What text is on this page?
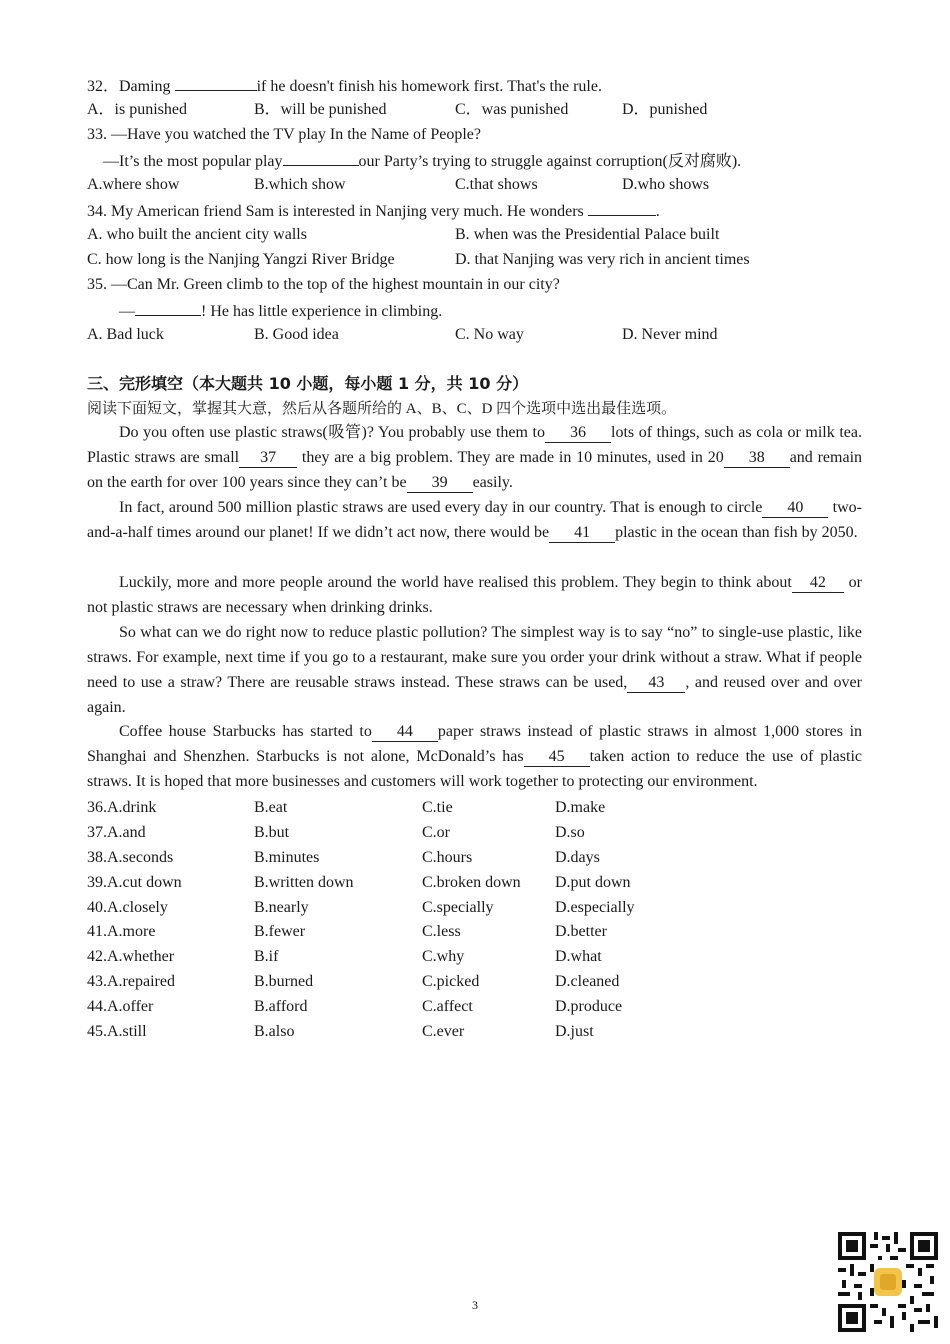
32．Daming	if he doesn't finish his homework first. That's the rule.
A．is punished	B．will be punished	C．was punished	D．punished
33. —Have you watched the TV play In the Name of People?
—It’s the most popular play	our Party’s trying to struggle against corruption(反对腐败).
A.where show	B.which show	C.that shows	D.who shows
34. My American friend Sam is interested in Nanjing very much. He wonders	.
A. who built the ancient city walls	B. when was the Presidential Palace built
C. how long is the Nanjing Yangzi River Bridge	D. that Nanjing was very rich in ancient times
35. —Can Mr. Green climb to the top of the highest mountain in our city?
—	! He has little experience in climbing.
A. Bad luck	B. Good idea	C. No way	D. Never mind
三、完形填空（本大题共 10 小题，每小题 1 分，共 10 分）
阅读下面短文，掌握其大意，然后从各题所给的 A、B、C、D 四个选项中选出最佳选项。
Do you often use plastic straws(吸管)? You probably use them to 36 lots of things, such as cola or milk tea. Plastic straws are small 37 they are a big problem. They are made in 10 minutes, used in 20 38 and remain on the earth for over 100 years since they can’t be 39 easily.
In fact, around 500 million plastic straws are used every day in our country. That is enough to circle 40 two-and-a-half times around our planet! If we didn’t act now, there would be 41 plastic in the ocean than fish by 2050.
Luckily, more and more people around the world have realised this problem. They begin to think about 42 or not plastic straws are necessary when drinking drinks.
So what can we do right now to reduce plastic pollution? The simplest way is to say “no” to single-use plastic, like straws. For example, next time if you go to a restaurant, make sure you order your drink without a straw. What if people need to use a straw? There are reusable straws instead. These straws can be used, 43 , and reused over and over again.
Coffee house Starbucks has started to 44 paper straws instead of plastic straws in almost 1,000 stores in Shanghai and Shenzhen. Starbucks is not alone, McDonald’s has 45 taken action to reduce the use of plastic straws. It is hoped that more businesses and customers will work together to protecting our environment.
36.A.drink	B.eat	C.tie	D.make
37.A.and	B.but	C.or	D.so
38.A.seconds	B.minutes	C.hours	D.days
39.A.cut down	B.written down	C.broken down D.put down
40.A.closely	B.nearly	C.specially	D.especially
41.A.more	B.fewer	C.less	D.better
42.A.whether	B.if	C.why	D.what
43.A.repaired	B.burned	C.picked	D.cleaned
44.A.offer	B.afford	C.affect	D.produce
45.A.still	B.also	C.ever	D.just
3
